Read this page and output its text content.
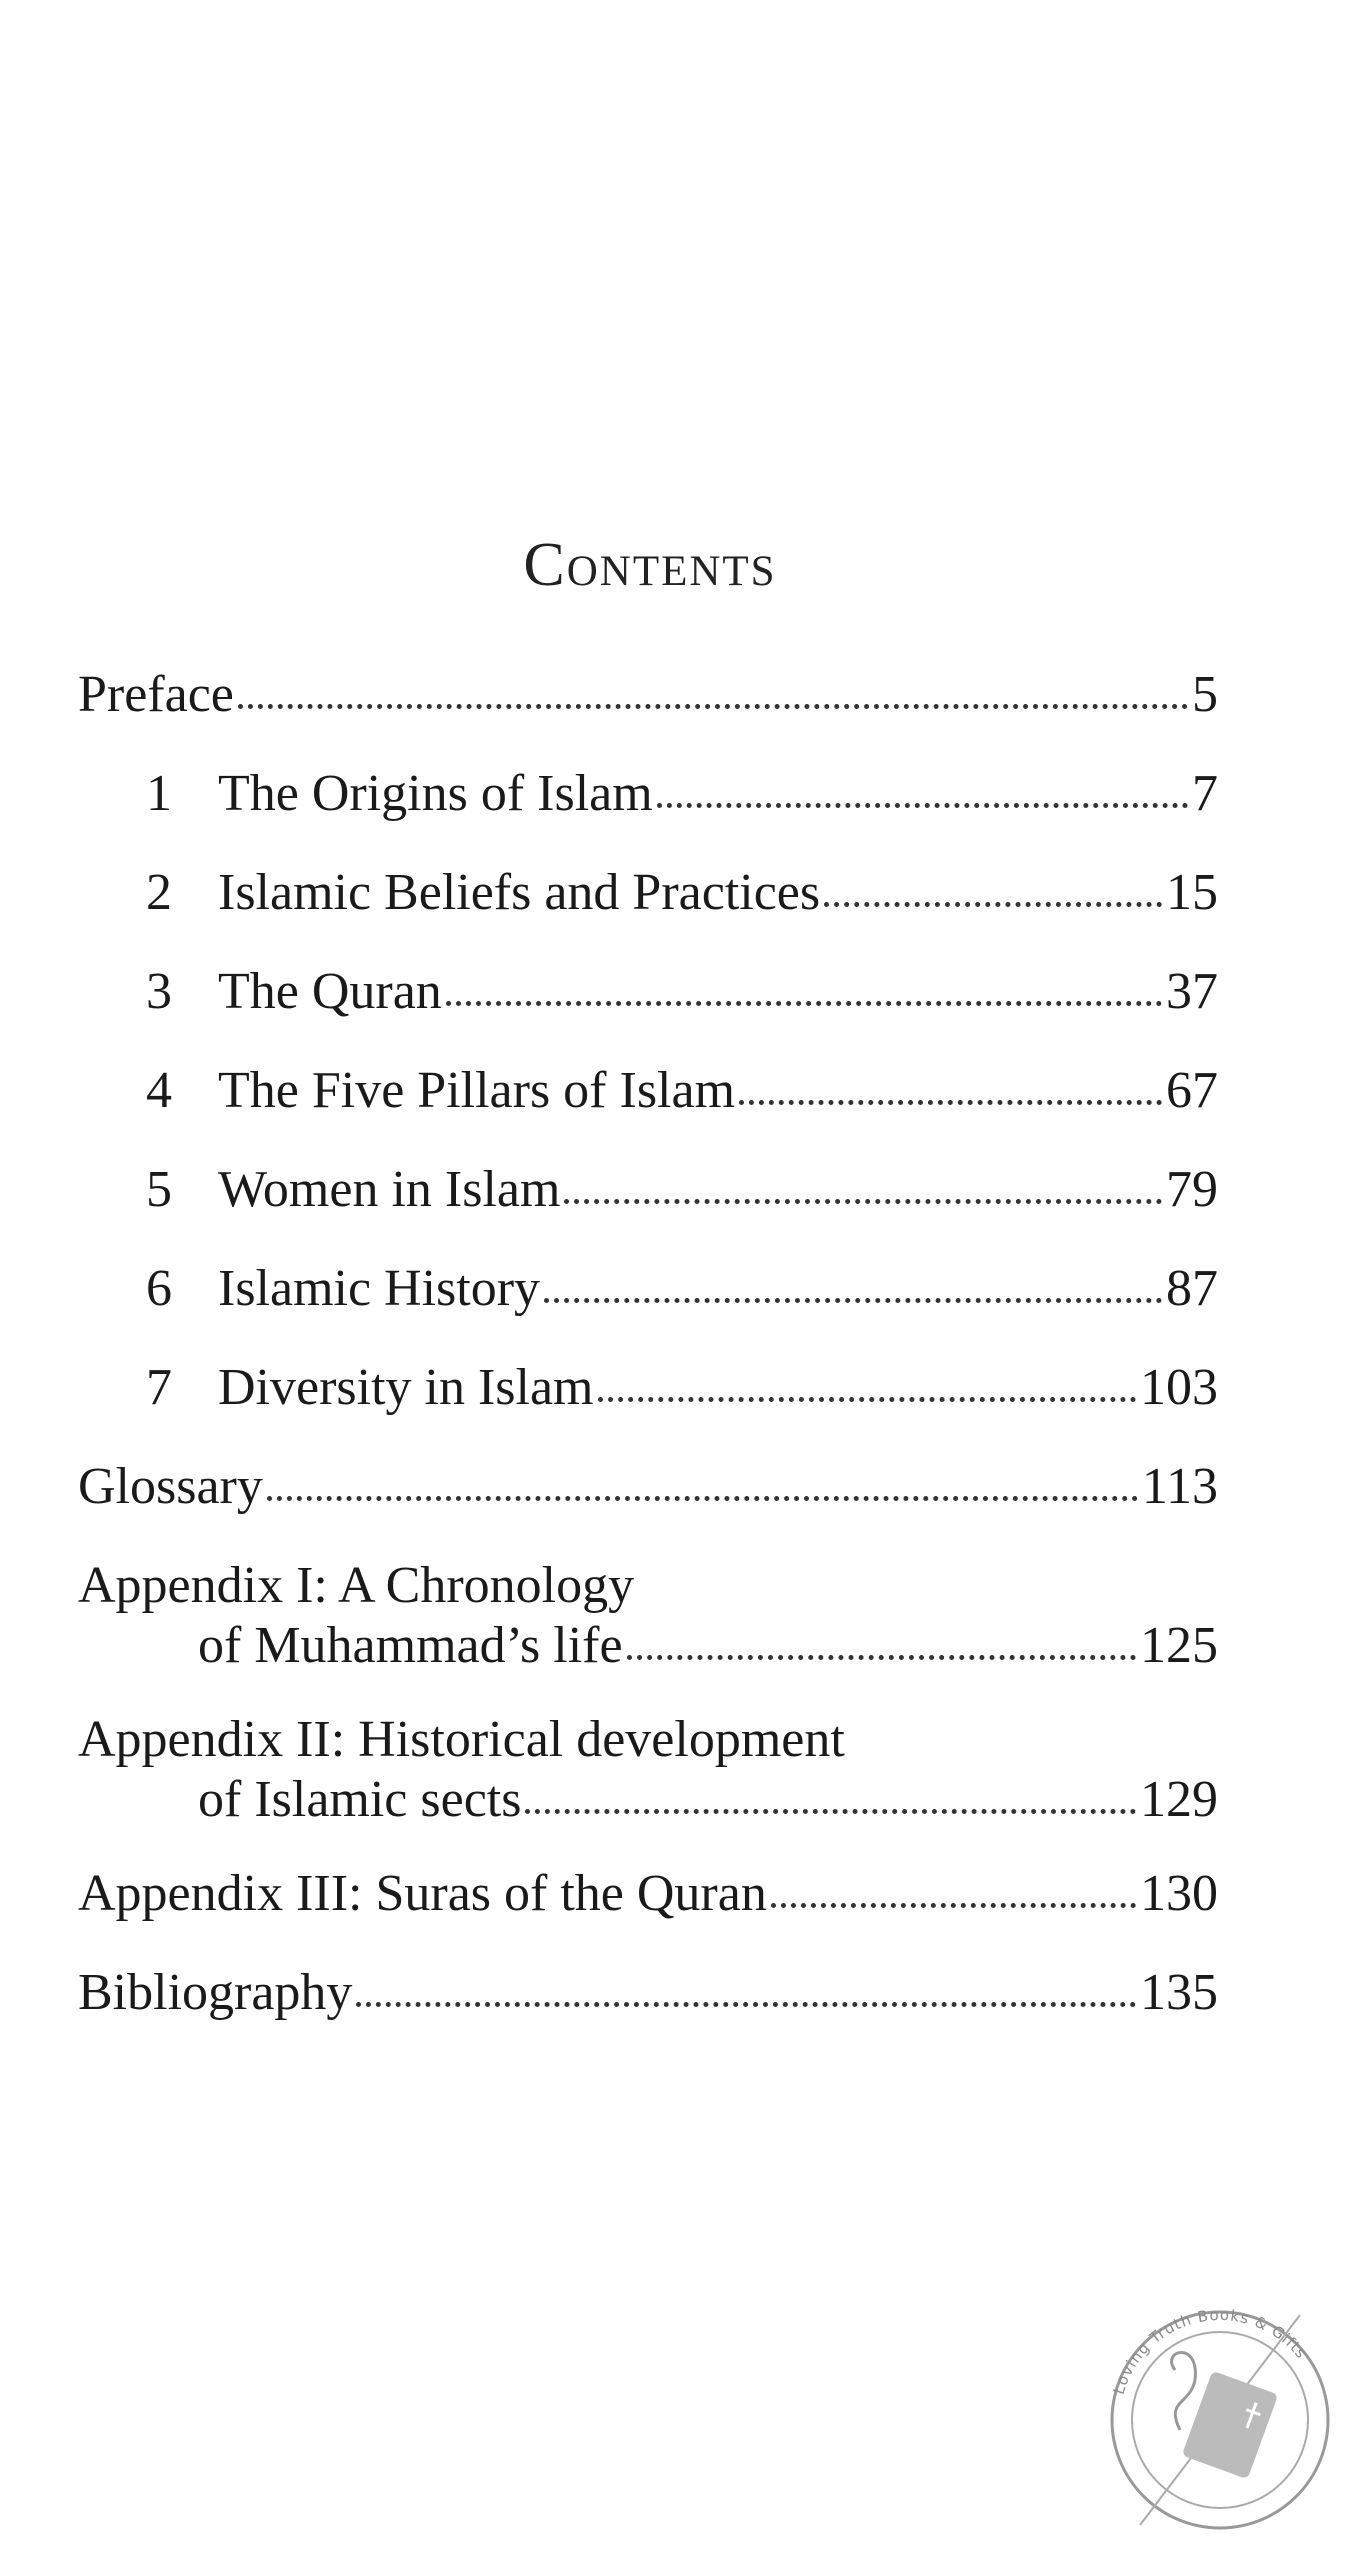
Contents
Preface	5
1 The Origins of Islam	7
2 Islamic Beliefs and Practices	15
3 The Quran	37
4 The Five Pillars of Islam	67
5 Women in Islam	79
6 Islamic History	87
7 Diversity in Islam	103
Glossary	113
Appendix I: A Chronology
of Muhammad’s life	125
Appendix II: Historical development
of Islamic sects	129
Appendix III: Suras of the Quran	130
Bibliography	135
Loving Truth Books & Gifts
